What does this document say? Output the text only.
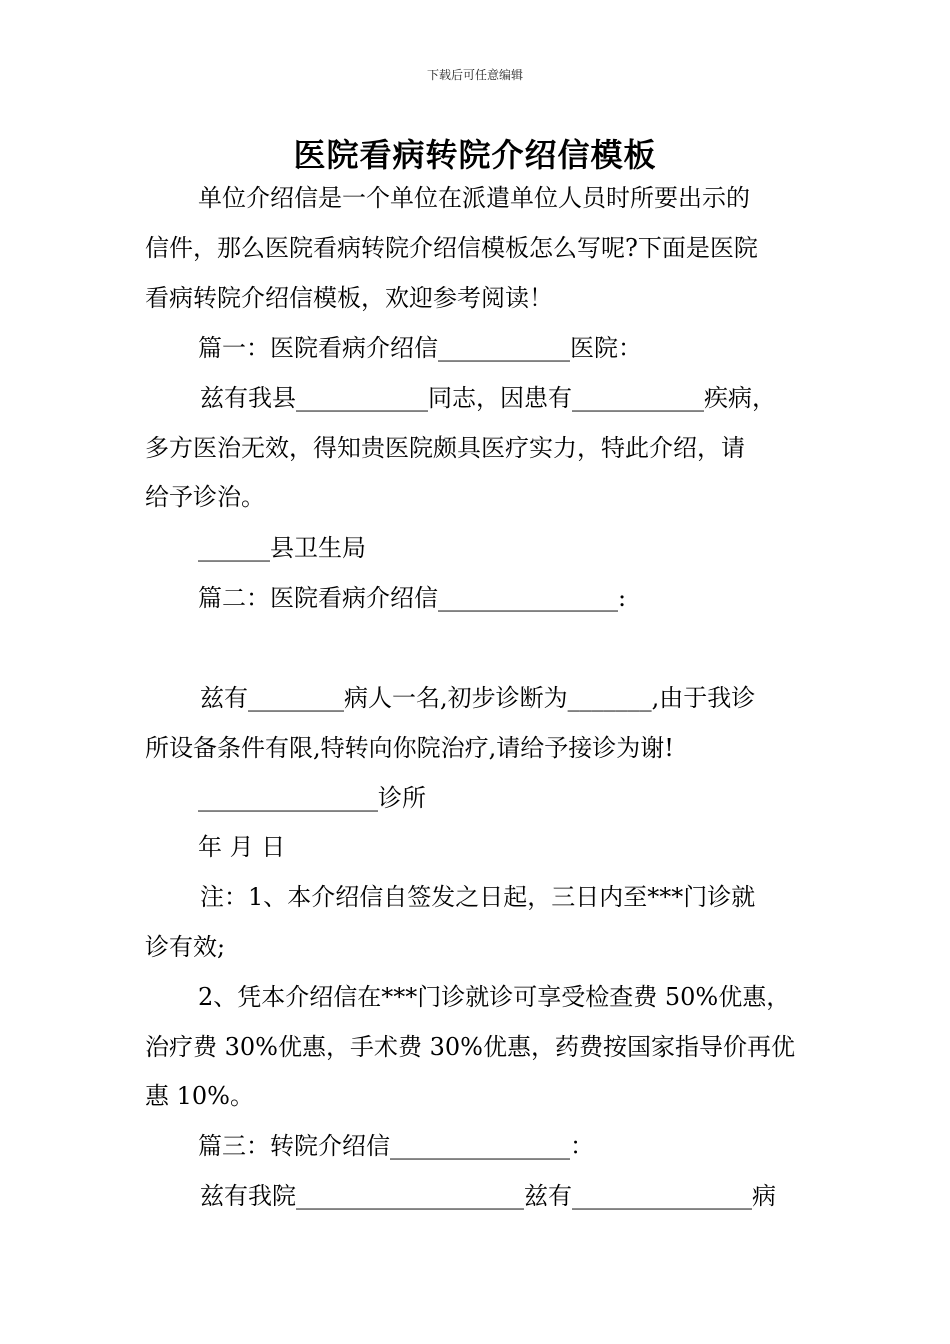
下载后可任意编辑
医院看病转院介绍信模板
单位介绍信是一个单位在派遣单位人员时所要出示的
信件，那么医院看病转院介绍信模板怎么写呢?下面是医院
看病转院介绍信模板，欢迎参考阅读！
篇一：医院看病介绍信___________医院：
兹有我县___________同志，因患有___________疾病，
多方医治无效，得知贵医院颇具医疗实力，特此介绍，请
给予诊治。
______县卫生局
篇二：医院看病介绍信_______________:
兹有________病人一名,初步诊断为_______,由于我诊
所设备条件有限,特转向你院治疗,请给予接诊为谢!
_______________诊所
年 月 日
注：1、本介绍信自签发之日起，三日内至***门诊就
诊有效;
2、凭本介绍信在***门诊就诊可享受检查费 50%优惠，
治疗费 30%优惠，手术费 30%优惠，药费按国家指导价再优
惠 10%。
篇三：转院介绍信_______________：
兹有我院___________________兹有_______________病
